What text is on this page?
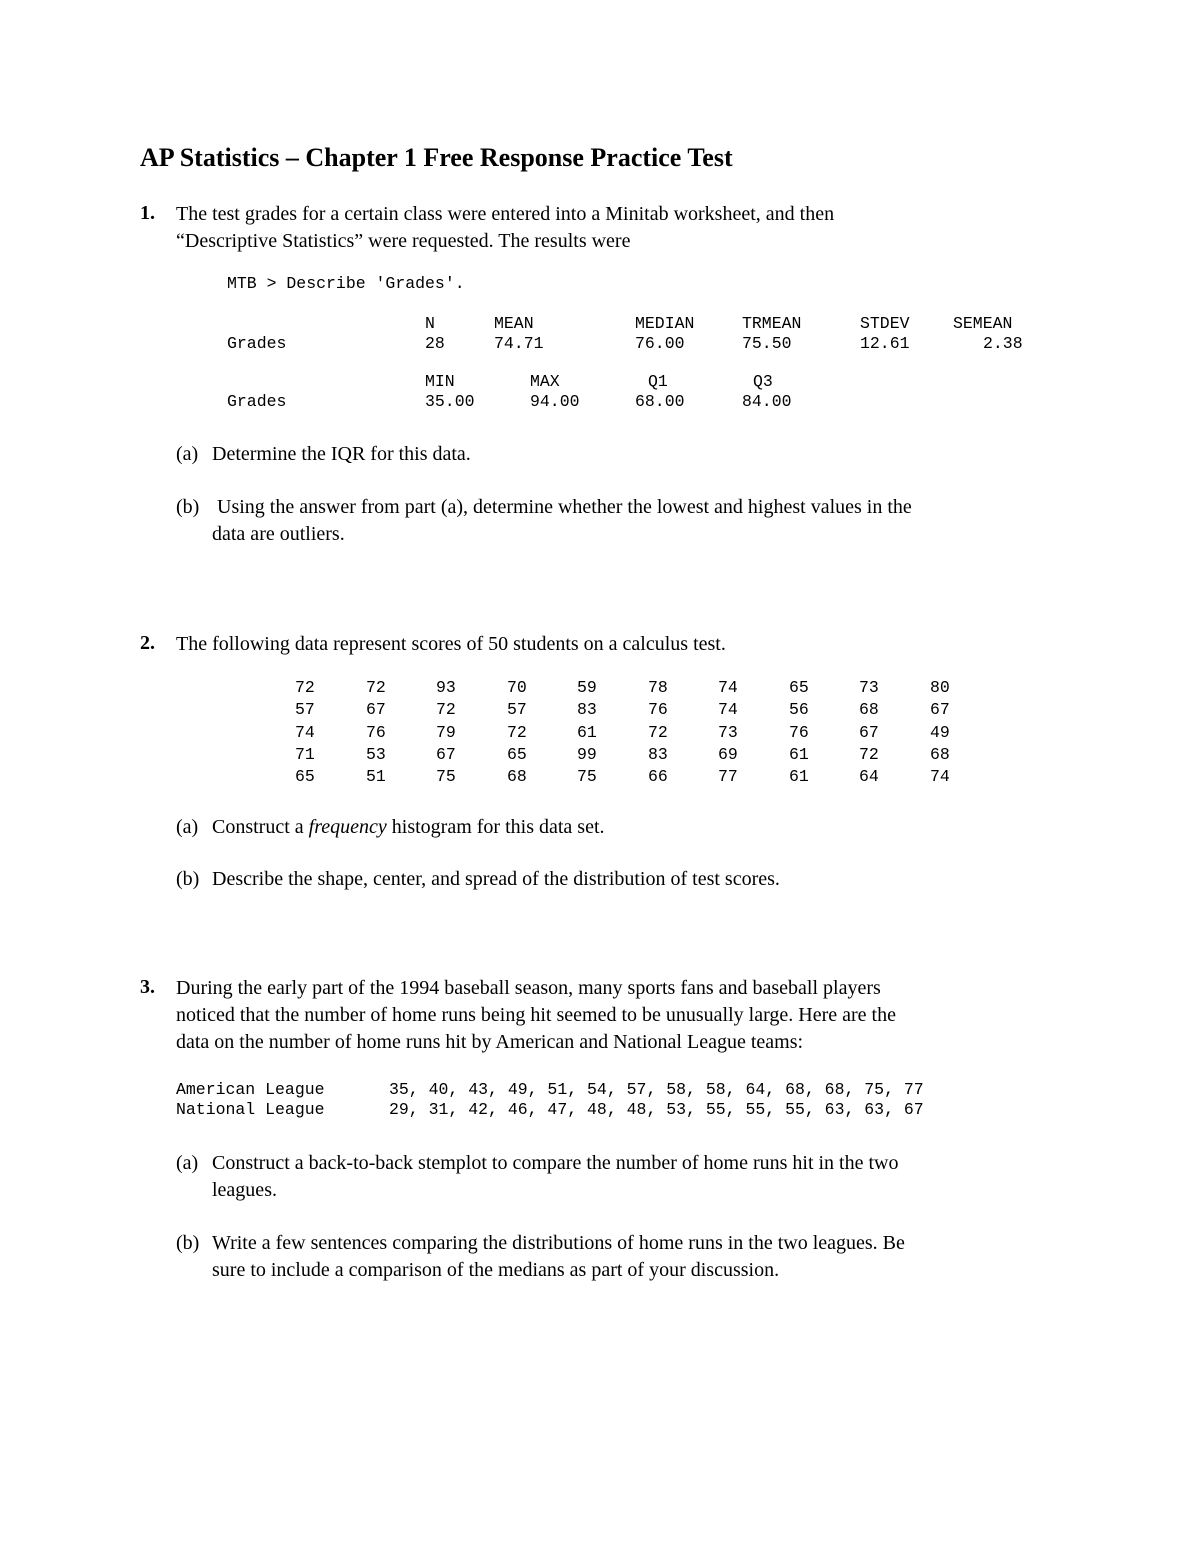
AP Statistics – Chapter 1 Free Response Practice Test
1. The test grades for a certain class were entered into a Minitab worksheet, and then
“Descriptive Statistics” were requested. The results were
MTB > Describe 'Grades'.
N	MEAN	MEDIAN	TRMEAN	STDEV	SEMEAN
Grades	28	74.71	76.00	75.50	12.61	2.38
MIN	MAX	Q1	Q3
Grades	35.00	94.00	68.00	84.00
(a) Determine the IQR for this data.
(b) Using the answer from part (a), determine whether the lowest and highest values in the
data are outliers.
2. The following data represent scores of 50 students on a calculus test.
72	72	93	70	59	78	74	65	73	80
57	67	72	57	83	76	74	56	68	67
74	76	79	72	61	72	73	76	67	49
71	53	67	65	99	83	69	61	72	68
65	51	75	68	75	66	77	61	64	74
(a) Construct a frequency histogram for this data set.
(b) Describe the shape, center, and spread of the distribution of test scores.
3. During the early part of the 1994 baseball season, many sports fans and baseball players
noticed that the number of home runs being hit seemed to be unusually large. Here are the
data on the number of home runs hit by American and National League teams:
American League	35, 40, 43, 49, 51, 54, 57, 58, 58, 64, 68, 68, 75, 77
National League	29, 31, 42, 46, 47, 48, 48, 53, 55, 55, 55, 63, 63, 67
(a) Construct a back-to-back stemplot to compare the number of home runs hit in the two
leagues.
(b) Write a few sentences comparing the distributions of home runs in the two leagues. Be
sure to include a comparison of the medians as part of your discussion.
